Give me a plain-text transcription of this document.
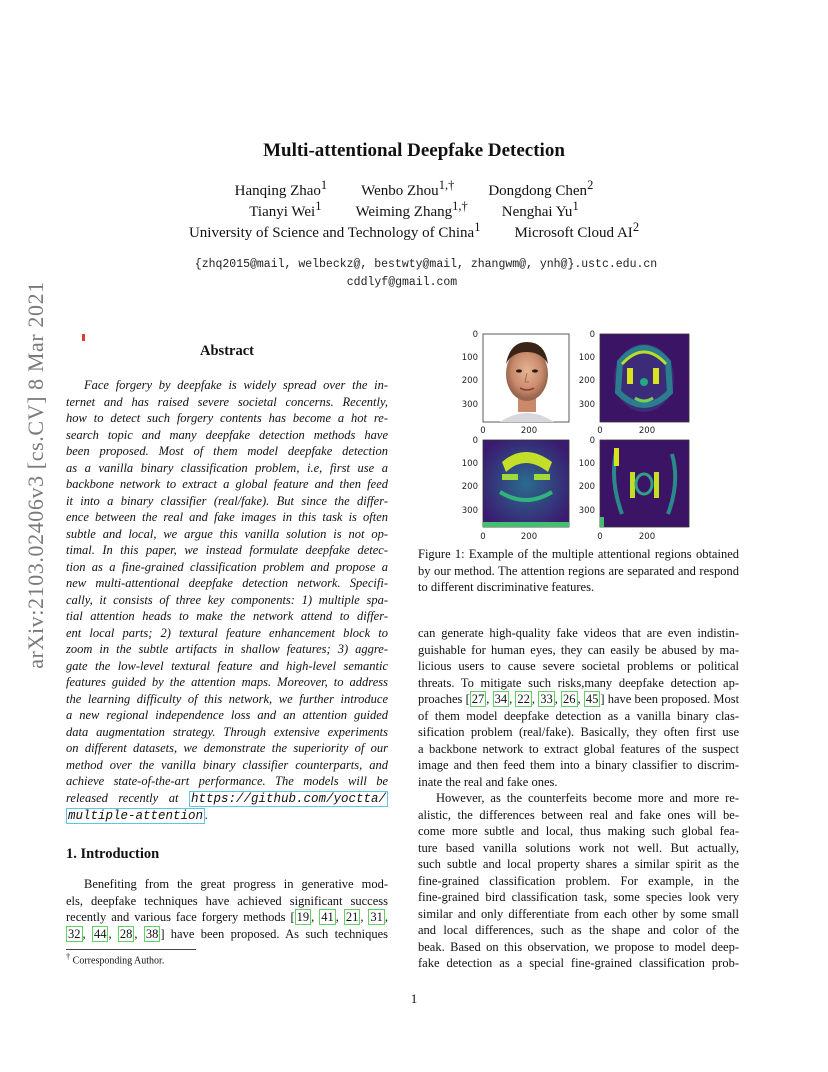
arXiv:2103.02406v3 [cs.CV] 8 Mar 2021
Multi-attentional Deepfake Detection
Hanqing Zhao$^1$ Wenbo Zhou$^{1,\dagger}$ Dongdong Chen$^2$
Tianyi Wei$^1$ Weiming Zhang$^{1,\dagger}$ Nenghai Yu$^1$
University of Science and Technology of China$^1$ Microsoft Cloud $AI^2$
{zhq2015@mail, welbeckz@, bestwty@mail, zhangwm@, ynh@}.ustc.edu.cn
cddlyf@gmail.com
Abstract
Face forgery by deepfake is widely spread over the in-
ternet and has raised severe societal concerns. Recently,
how to detect such forgery contents has become a hot re-
search topic and many deepfake detection methods have
been proposed. Most of them model deepfake detection
as a vanilla binary classification problem, i.e, first use a
backbone network to extract a global feature and then feed
it into a binary classifier (real/fake). But since the differ-
ence between the real and fake images in this task is often
subtle and local, we argue this vanilla solution is not op-
timal. In this paper, we instead formulate deepfake detec-
tion as a fine-grained classification problem and propose a
new multi-attentional deepfake detection network. Specifi-
cally, it consists of three key components: 1) multiple spa-
tial attention heads to make the network attend to differ-
ent local parts; 2) textural feature enhancement block to
zoom in the subtle artifacts in shallow features; 3) aggre-
gate the low-level textural feature and high-level semantic
features guided by the attention maps. Moreover, to address
the learning difficulty of this network, we further introduce
a new regional independence loss and an attention guided
data augmentation strategy. Through extensive experiments
on different datasets, we demonstrate the superiority of our
method over the vanilla binary classifier counterparts, and
achieve state-of-the-art performance. The models will be
released recently at https://github.com/yoctta/
multiple-attention .
1. Introduction
Benefiting from the great progress in generative mod-
els, deepfake techniques have achieved significant success
recently and various face forgery methods [ 19 , 41 , 21 , 31 ,
32 , 44 , 28 , 38 ] have been proposed. As such techniques
† Corresponding Author.
1
0
100
200
300
0	200
0
100
200
300
0	200
0
100
200
300
0	200
0
100
200
300
0	200
Figure 1: Example of the multiple attentional regions obtained by our method. The attention regions are separated and respond to different discriminative features.
can generate high-quality fake videos that are even indistin-
guishable for human eyes, they can easily be abused by ma-
licious users to cause severe societal problems or political
threats. To mitigate such risks,many deepfake detection ap-
proaches [ 27 , 34 , 22 , 33 , 26 , 45 ] have been proposed. Most
of them model deepfake detection as a vanilla binary clas-
sification problem (real/fake). Basically, they often first use
a backbone network to extract global features of the suspect
image and then feed them into a binary classifier to discrim-
inate the real and fake ones.
However, as the counterfeits become more and more re-
alistic, the differences between real and fake ones will be-
come more subtle and local, thus making such global fea-
ture based vanilla solutions work not well. But actually,
such subtle and local property shares a similar spirit as the
fine-grained classification problem. For example, in the
fine-grained bird classification task, some species look very
similar and only differentiate from each other by some small
and local differences, such as the shape and color of the
beak. Based on this observation, we propose to model deep-
fake detection as a special fine-grained classification prob-
